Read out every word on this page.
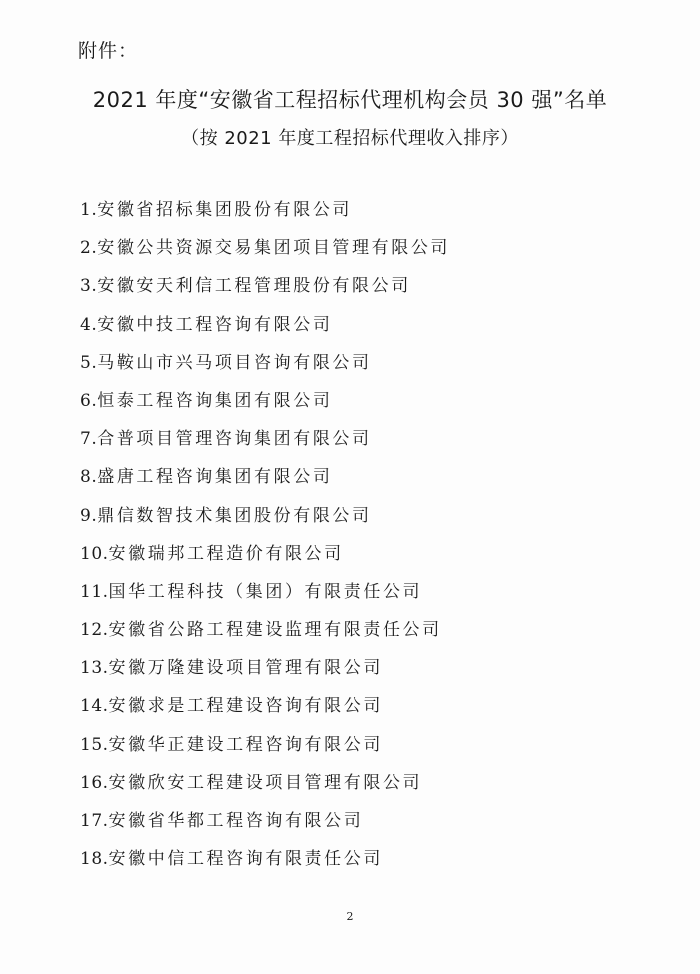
附件：
2021 年度“安徽省工程招标代理机构会员 30 强”名单
（按 2021 年度工程招标代理收入排序）
1.安徽省招标集团股份有限公司
2.安徽公共资源交易集团项目管理有限公司
3.安徽安天利信工程管理股份有限公司
4.安徽中技工程咨询有限公司
5.马鞍山市兴马项目咨询有限公司
6.恒泰工程咨询集团有限公司
7.合普项目管理咨询集团有限公司
8.盛唐工程咨询集团有限公司
9.鼎信数智技术集团股份有限公司
10.安徽瑞邦工程造价有限公司
11.国华工程科技（集团）有限责任公司
12.安徽省公路工程建设监理有限责任公司
13.安徽万隆建设项目管理有限公司
14.安徽求是工程建设咨询有限公司
15.安徽华正建设工程咨询有限公司
16.安徽欣安工程建设项目管理有限公司
17.安徽省华都工程咨询有限公司
18.安徽中信工程咨询有限责任公司
2
